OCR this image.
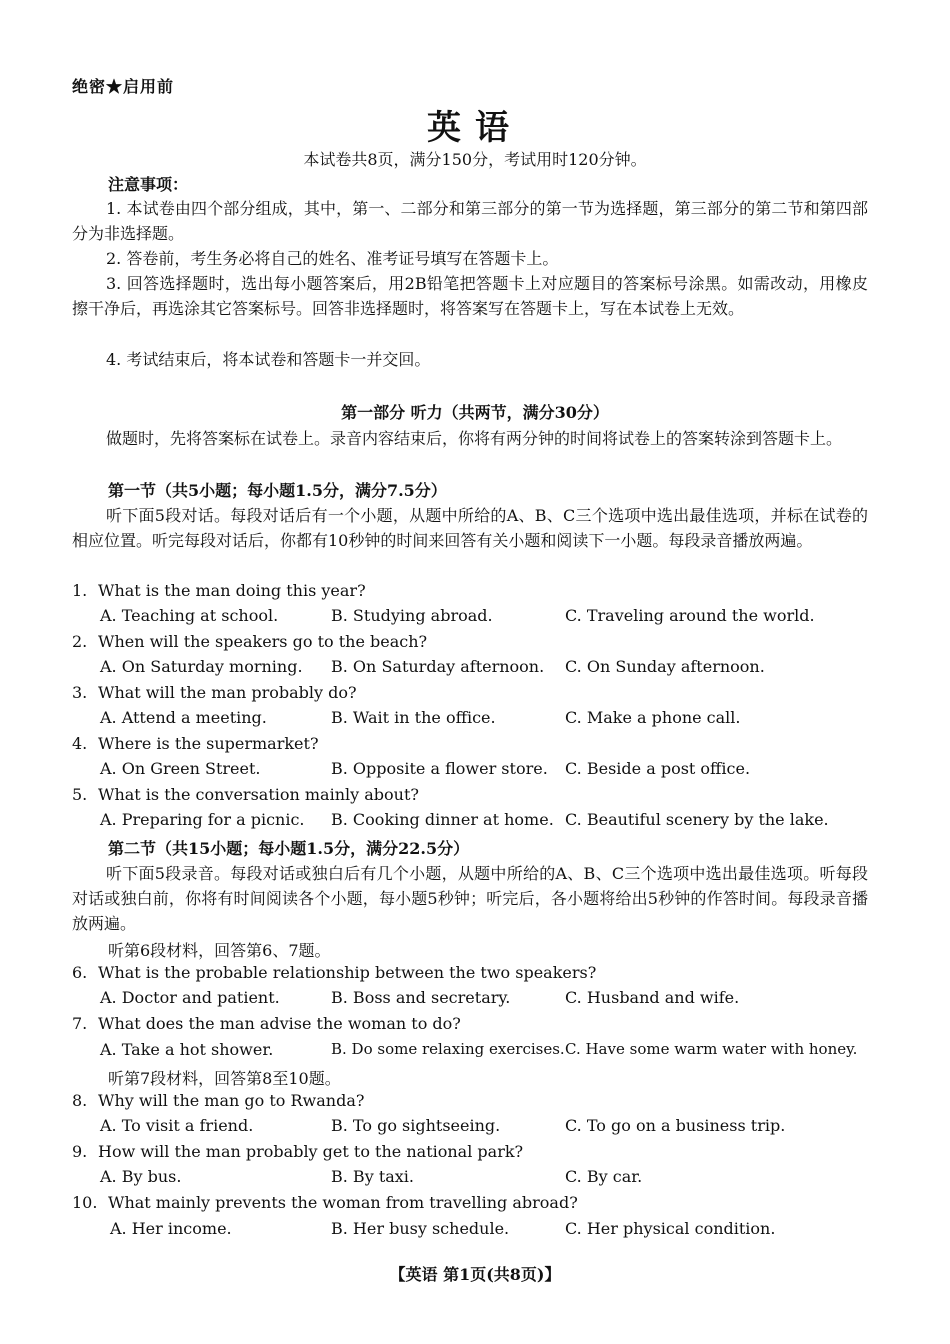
绝密★启用前
英语
本试卷共8页，满分150分，考试用时120分钟。
注意事项：
1. 本试卷由四个部分组成，其中，第一、二部分和第三部分的第一节为选择题，第三部分的第二节和第四部分为非选择题。
2. 答卷前，考生务必将自己的姓名、准考证号填写在答题卡上。
3. 回答选择题时，选出每小题答案后，用2B铅笔把答题卡上对应题目的答案标号涂黑。如需改动，用橡皮擦干净后，再选涂其它答案标号。回答非选择题时，将答案写在答题卡上，写在本试卷上无效。
4. 考试结束后，将本试卷和答题卡一并交回。
第一部分 听力（共两节，满分30分）
做题时，先将答案标在试卷上。录音内容结束后，你将有两分钟的时间将试卷上的答案转涂到答题卡上。
第一节（共5小题；每小题1.5分，满分7.5分）
听下面5段对话。每段对话后有一个小题，从题中所给的A、B、C三个选项中选出最佳选项，并标在试卷的相应位置。听完每段对话后，你都有10秒钟的时间来回答有关小题和阅读下一小题。每段录音播放两遍。
1. What is the man doing this year?
A. Teaching at school.	B. Studying abroad.	C. Traveling around the world.
2. When will the speakers go to the beach?
A. On Saturday morning. B. On Saturday afternoon. C. On Sunday afternoon.
3. What will the man probably do?
A. Attend a meeting.	B. Wait in the office.	C. Make a phone call.
4. Where is the supermarket?
A. On Green Street.	B. Opposite a flower store. C. Beside a post office.
5. What is the conversation mainly about?
A. Preparing for a picnic. B. Cooking dinner at home. C. Beautiful scenery by the lake.
第二节（共15小题；每小题1.5分，满分22.5分）
听下面5段录音。每段对话或独白后有几个小题，从题中所给的A、B、C三个选项中选出最佳选项。听每段对话或独白前，你将有时间阅读各个小题，每小题5秒钟；听完后，各小题将给出5秒钟的作答时间。每段录音播放两遍。
听第6段材料，回答第6、7题。
6. What is the probable relationship between the two speakers?
A. Doctor and patient.	B. Boss and secretary.	C. Husband and wife.
7. What does the man advise the woman to do?
A. Take a hot shower.	B. Do some relaxing exercises. C. Have some warm water with honey.
听第7段材料，回答第8至10题。
8. Why will the man go to Rwanda?
A. To visit a friend.	B. To go sightseeing.	C. To go on a business trip.
9. How will the man probably get to the national park?
A. By bus.	B. By taxi.	C. By car.
10. What mainly prevents the woman from travelling abroad?
A. Her income.	B. Her busy schedule.	C. Her physical condition.
【英语 第1页(共8页)】
